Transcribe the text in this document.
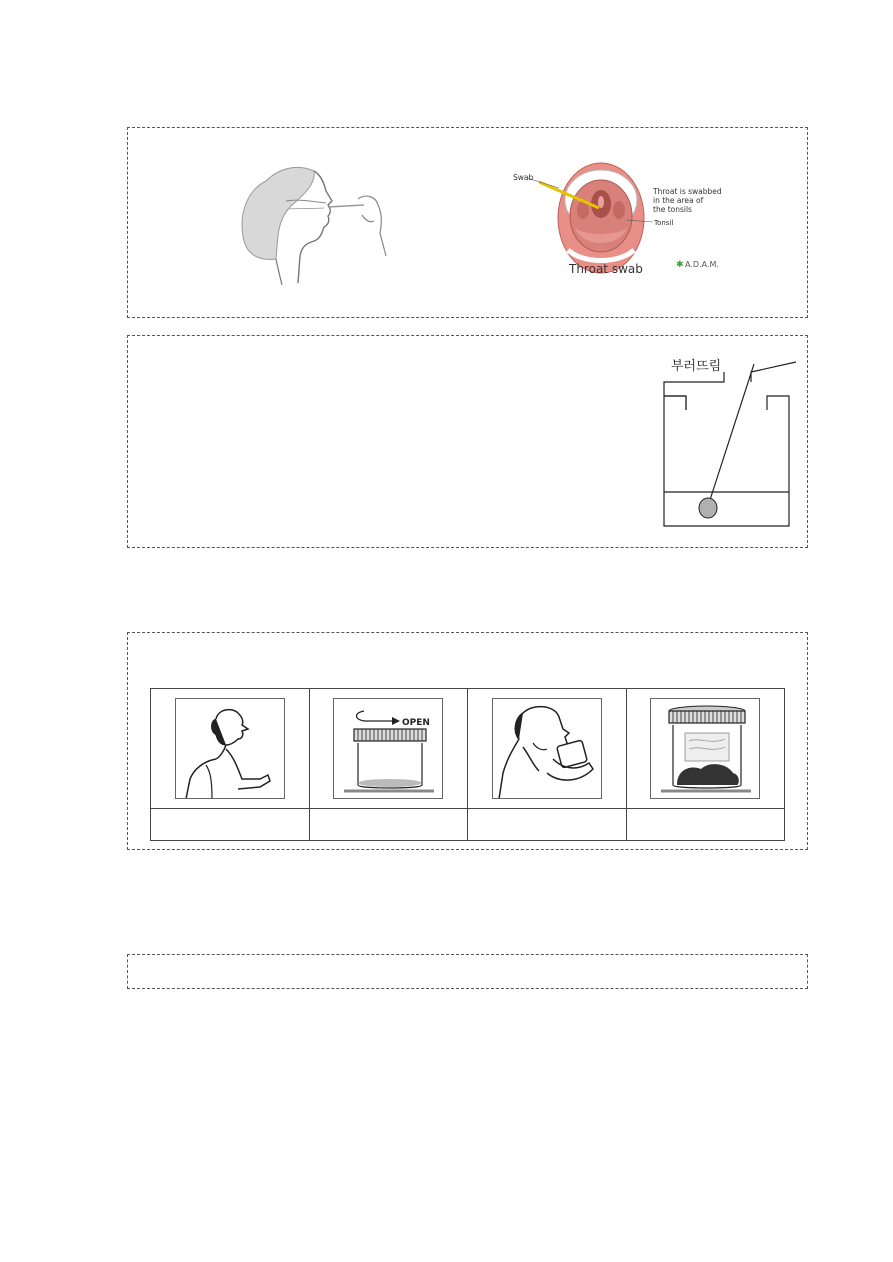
Swab
Throat is swabbed
in the area of
the tonsils
Tonsil
Throat swab	A.D.A.M.
✱
부러뜨림

OPEN
